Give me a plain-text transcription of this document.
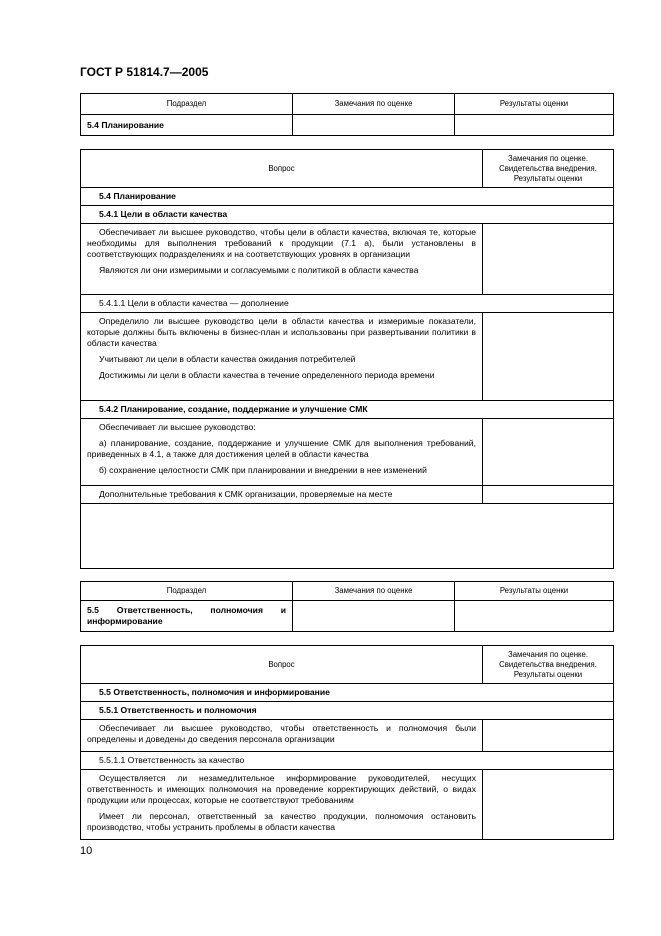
ГОСТ Р 51814.7—2005
Подраздел	Замечания по оценке	Результаты оценки
5.4 Планирование		
Вопрос	Замечания по оценке.
Свидетельства внедрения.
Результаты оценки

5.4 Планирование	
5.4.1 Цели в области качества	

Обеспечивает ли высшее руководство, чтобы цели в области качества, включая те, которые необходимы для выполнения требований к продукции (7.1 а), были установлены в соответствующих подразделениях и на соответствующих уровнях в организации

Являются ли они измеримыми и согласуемыми с политикой в области качества	

5.4.1.1 Цели в области качества — дополнение	

Определило ли высшее руководство цели в области качества и измеримые показатели, которые должны быть включены в бизнес-план и использованы при развертывании политики в области качества

Учитывают ли цели в области качества ожидания потребителей

Достижимы ли цели в области качества в течение определенного периода времени	

5.4.2 Планирование, создание, поддержание и улучшение СМК	

Обеспечивает ли высшее руководство:

а) планирование, создание, поддержание и улучшение СМК для выполнения требований, приведенных в 4.1, а также для достижения целей в области качества

б) сохранение целостности СМК при планировании и внедрении в нее изменений	

Дополнительные требования к СМК организации, проверяемые на месте	

Подраздел	Замечания по оценке	Результаты оценки
5.5 Ответственность, полномочия и информирование		
Вопрос	Замечания по оценке.
Свидетельства внедрения.
Результаты оценки

5.5 Ответственность, полномочия и информирование	
5.5.1 Ответственность и полномочия	

Обеспечивает ли высшее руководство, чтобы ответственность и полномочия были определены и доведены до сведения персонала организации	

5.5.1.1 Ответственность за качество	

Осуществляется ли незамедлительное информирование руководителей, несущих ответственность и имеющих полномочия на проведение корректирующих действий, о видах продукции или процессах, которые не соответствуют требованиям

Имеет ли персонал, ответственный за качество продукции, полномочия остановить производство, чтобы устранить проблемы в области качества	

10
